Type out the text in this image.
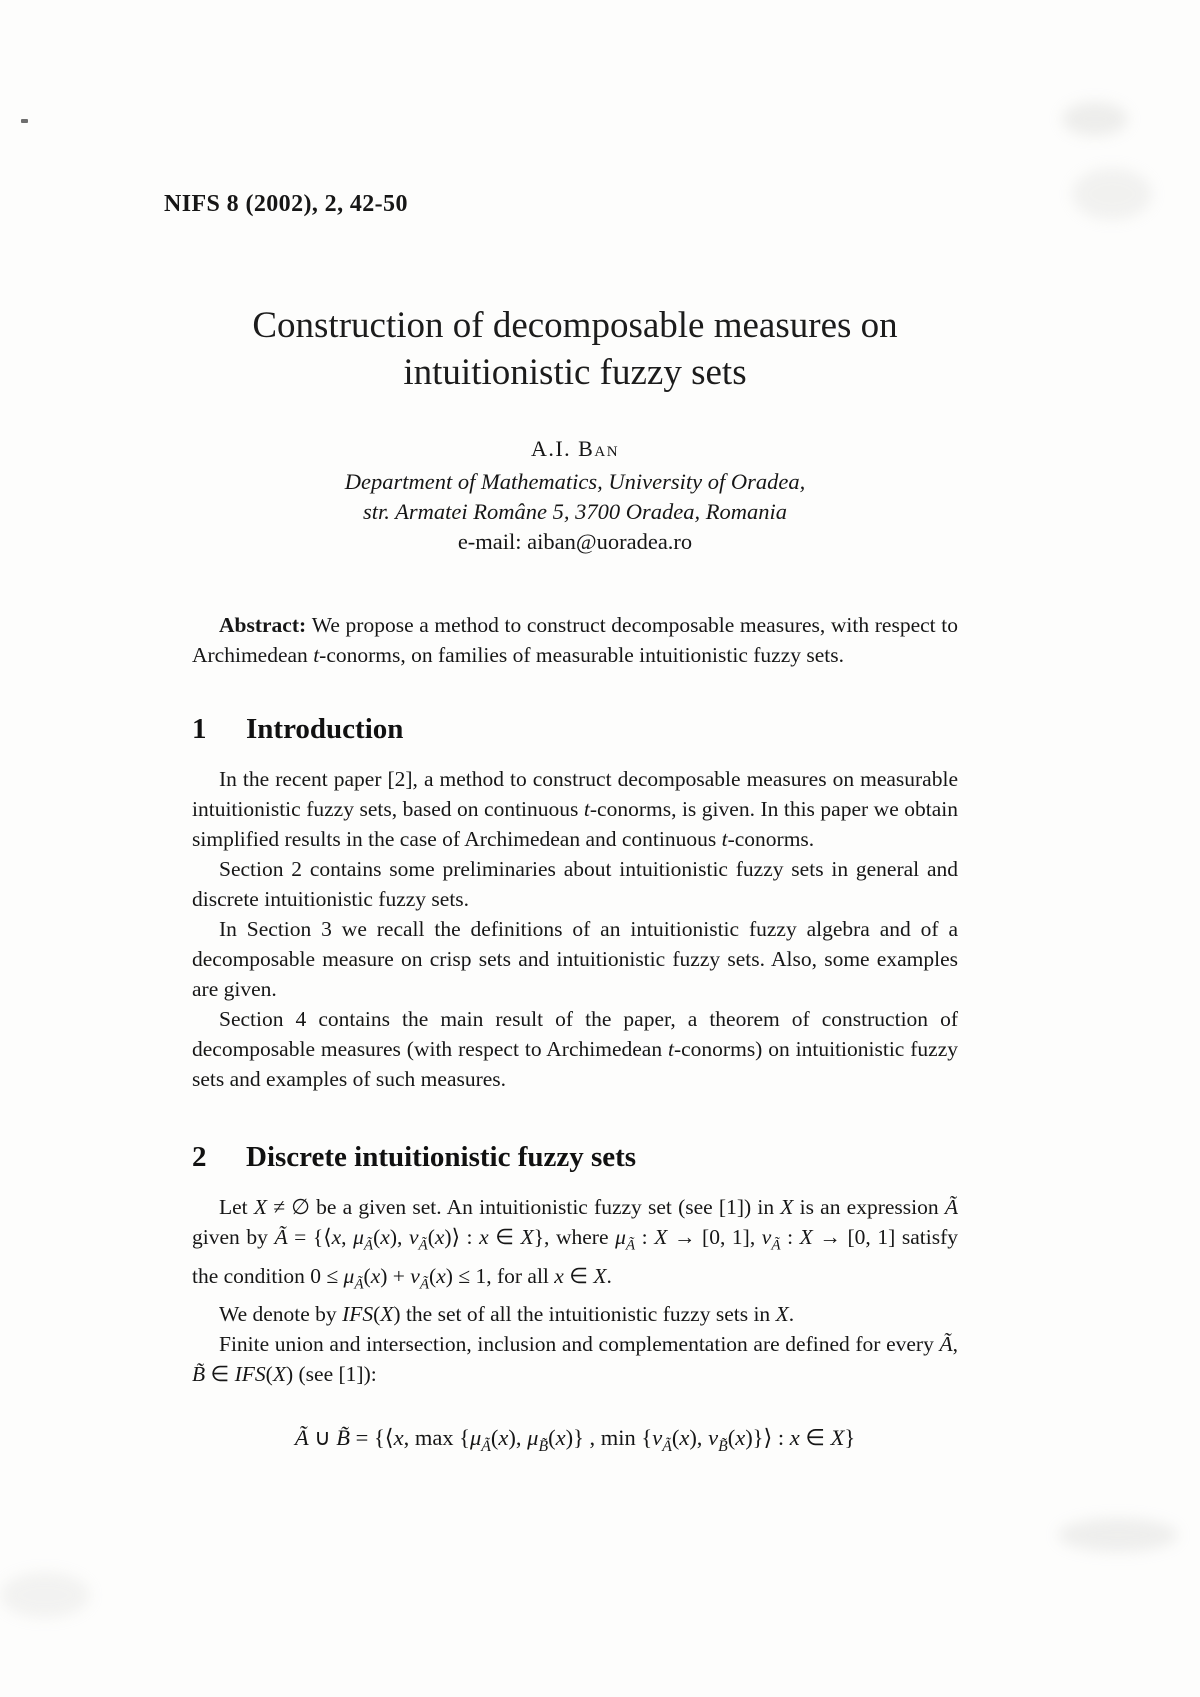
NIFS 8 (2002), 2, 42-50
Construction of decomposable measures on
intuitionistic fuzzy sets
A.I. Ban
Department of Mathematics, University of Oradea,
str. Armatei Române 5, 3700 Oradea, Romania
e-mail: aiban@uoradea.ro

Abstract: We propose a method to construct decomposable measures, with respect to Archimedean t-conorms, on families of measurable intuitionistic fuzzy sets.

1 Introduction

In the recent paper [2], a method to construct decomposable measures on measurable intuitionistic fuzzy sets, based on continuous t-conorms, is given. In this paper we obtain simplified results in the case of Archimedean and continuous t-conorms.

Section 2 contains some preliminaries about intuitionistic fuzzy sets in general and discrete intuitionistic fuzzy sets.

In Section 3 we recall the definitions of an intuitionistic fuzzy algebra and of a decomposable measure on crisp sets and intuitionistic fuzzy sets. Also, some examples are given.

Section 4 contains the main result of the paper, a theorem of construction of decomposable measures (with respect to Archimedean t-conorms) on intuitionistic fuzzy sets and examples of such measures.

2 Discrete intuitionistic fuzzy sets

Let X ≠ ∅ be a given set. An intuitionistic fuzzy set (see [1]) in X is an expression Ã given by Ã = {⟨x, $\mu_Ã(x)$, $\nu_Ã(x)⟩$ : x ∈ X}, where $\mu_Ã$ : X → [0, 1], $\nu_Ã$ : X → [0, 1] satisfy the condition $0 \le \mu_Ã(x) + \nu_Ã(x) \le 1$, for all x ∈ X.

We denote by IFS(X) the set of all the intuitionistic fuzzy sets in X.

Finite union and intersection, inclusion and complementation are defined for every Ã, B̃ ∈ IFS(X) (see [1]):

Ã ∪ B̃ = {⟨x, $\max \{\mu_Ã(x)$, $\mu_{B̃}(x)$} , $\min \{\nu_Ã(x)$, $\nu_{B̃}(x)\}⟩$ : x ∈ X}
